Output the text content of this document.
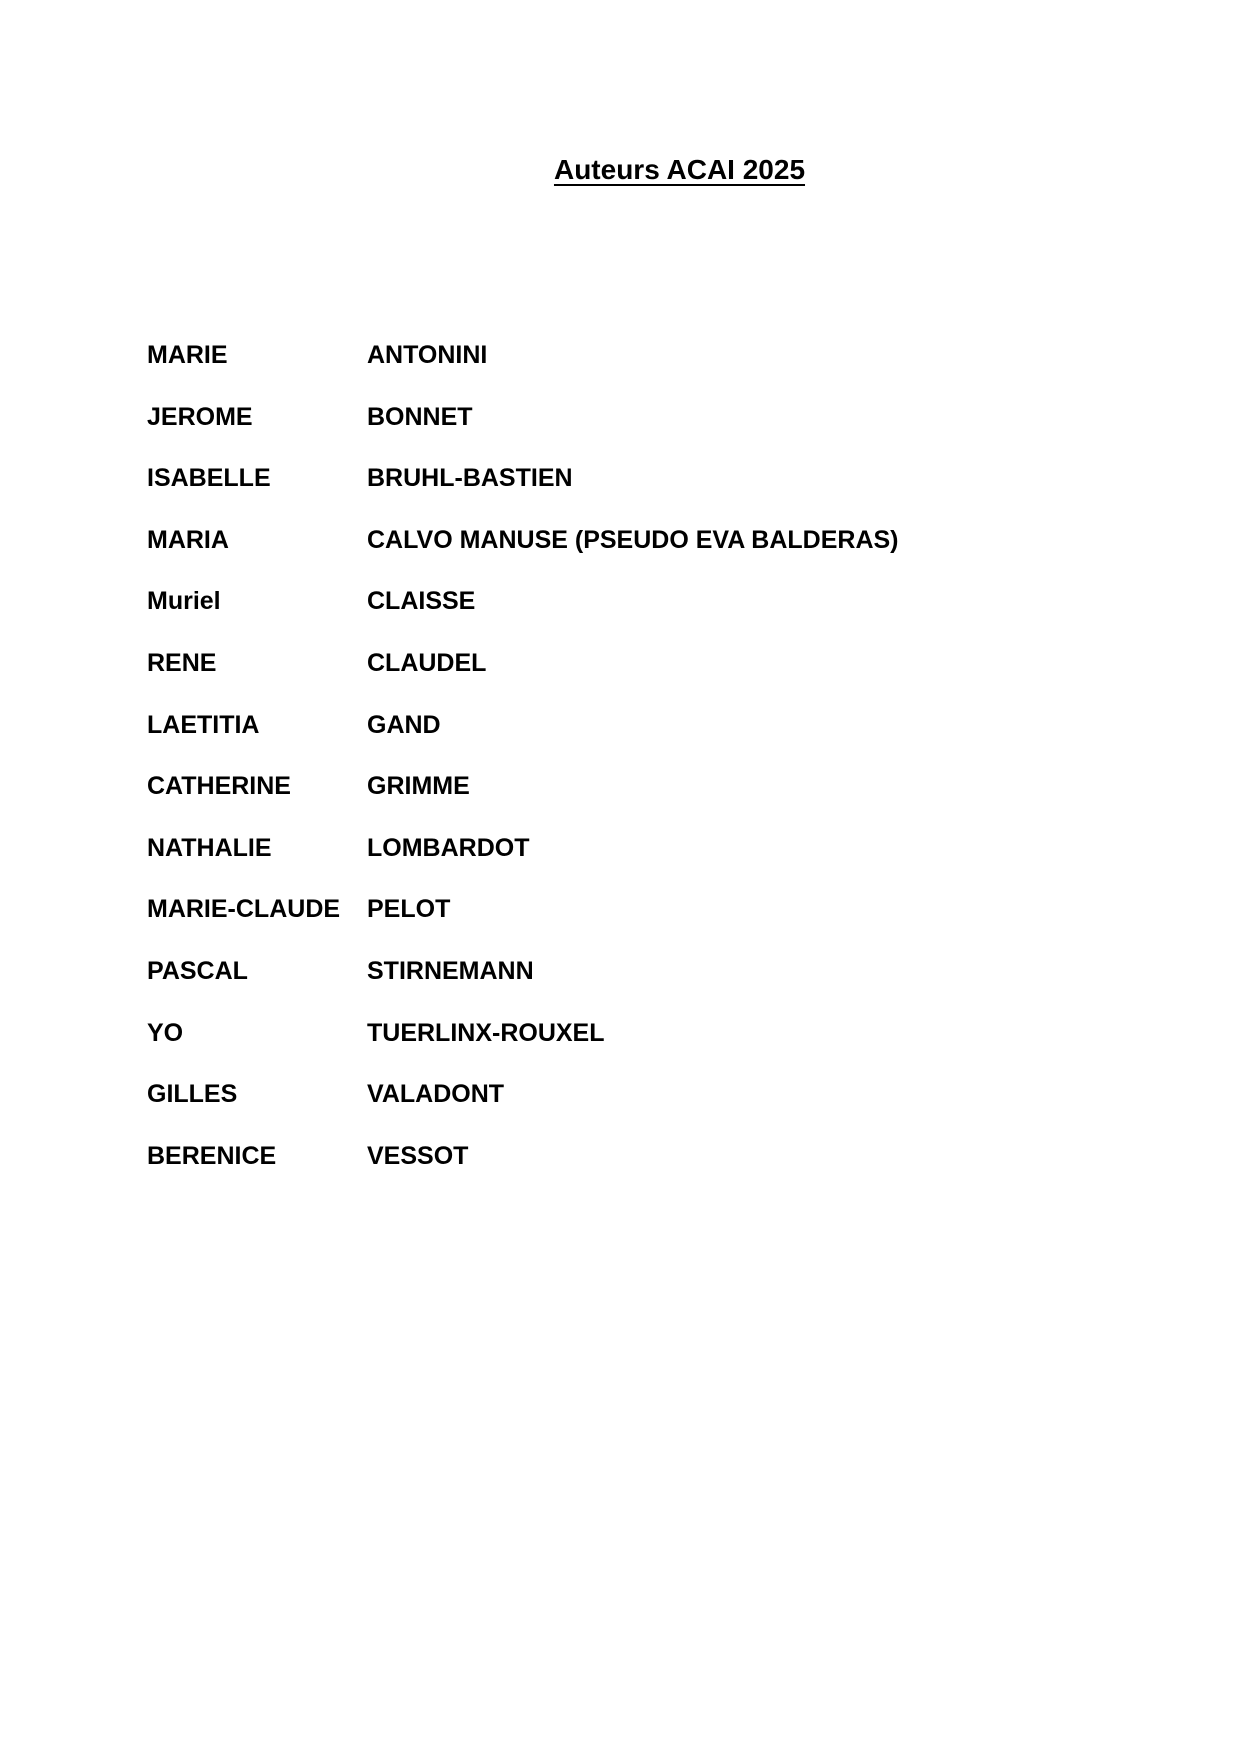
Auteurs ACAI 2025
MARIE	ANTONINI
JEROME	BONNET
ISABELLE	BRUHL-BASTIEN
MARIA	CALVO MANUSE (PSEUDO EVA BALDERAS)
Muriel	CLAISSE
RENE	CLAUDEL
LAETITIA	GAND
CATHERINE	GRIMME
NATHALIE	LOMBARDOT
MARIE-CLAUDE	PELOT
PASCAL	STIRNEMANN
YO	TUERLINX-ROUXEL
GILLES	VALADONT
BERENICE	VESSOT
